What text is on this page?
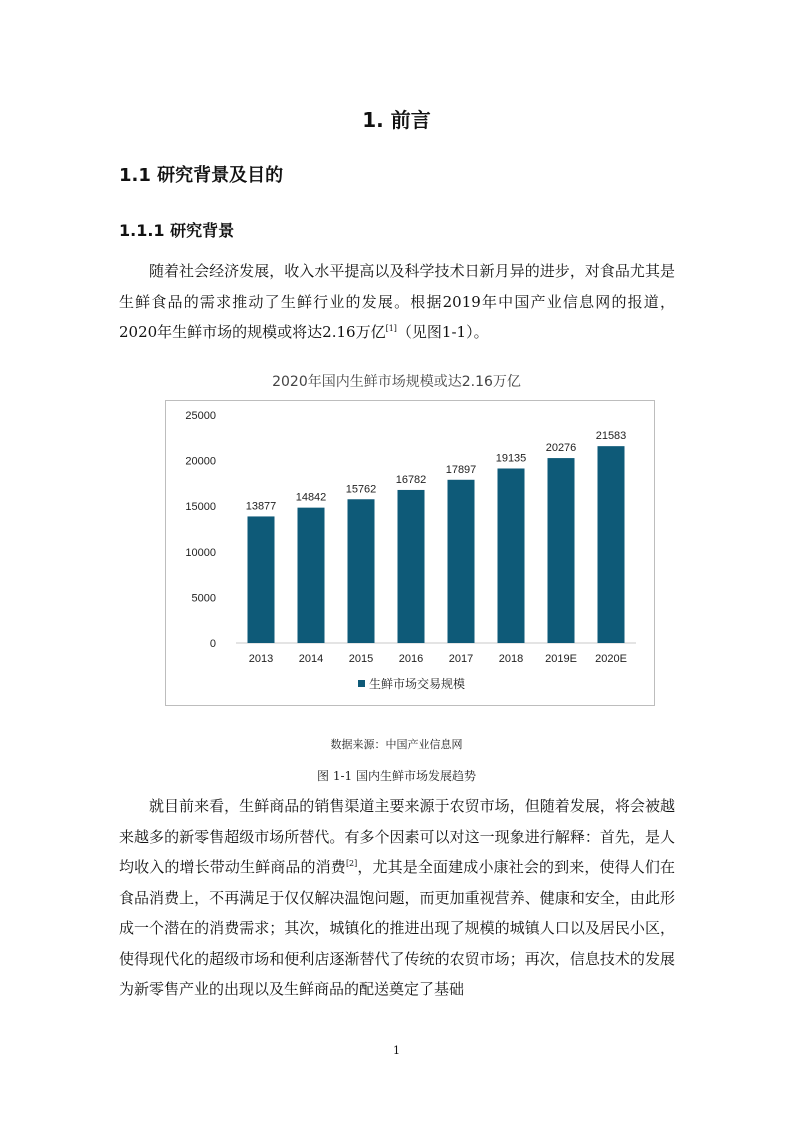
1. 前言
1.1 研究背景及目的
1.1.1 研究背景
随着社会经济发展，收入水平提高以及科学技术日新月异的进步，对食品尤其是生鲜食品的需求推动了生鲜行业的发展。根据2019年中国产业信息网的报道，2020年生鲜市场的规模或将达2.16万亿[1]（见图1-1）。
2020年国内生鲜市场规模或达2.16万亿
0
5000
10000
15000
20000
25000
13877
2013
14842
2014
15762
2015
16782
2016
17897
2017
19135
2018
20276
2019E
21583
2020E
生鲜市场交易规模
数据来源：中国产业信息网
图 1-1 国内生鲜市场发展趋势
就目前来看，生鲜商品的销售渠道主要来源于农贸市场，但随着发展，将会被越来越多的新零售超级市场所替代。有多个因素可以对这一现象进行解释：首先，是人均收入的增长带动生鲜商品的消费[2]，尤其是全面建成小康社会的到来，使得人们在食品消费上，不再满足于仅仅解决温饱问题，而更加重视营养、健康和安全，由此形成一个潜在的消费需求；其次，城镇化的推进出现了规模的城镇人口以及居民小区，使得现代化的超级市场和便利店逐渐替代了传统的农贸市场；再次，信息技术的发展为新零售产业的出现以及生鲜商品的配送奠定了基础
1
